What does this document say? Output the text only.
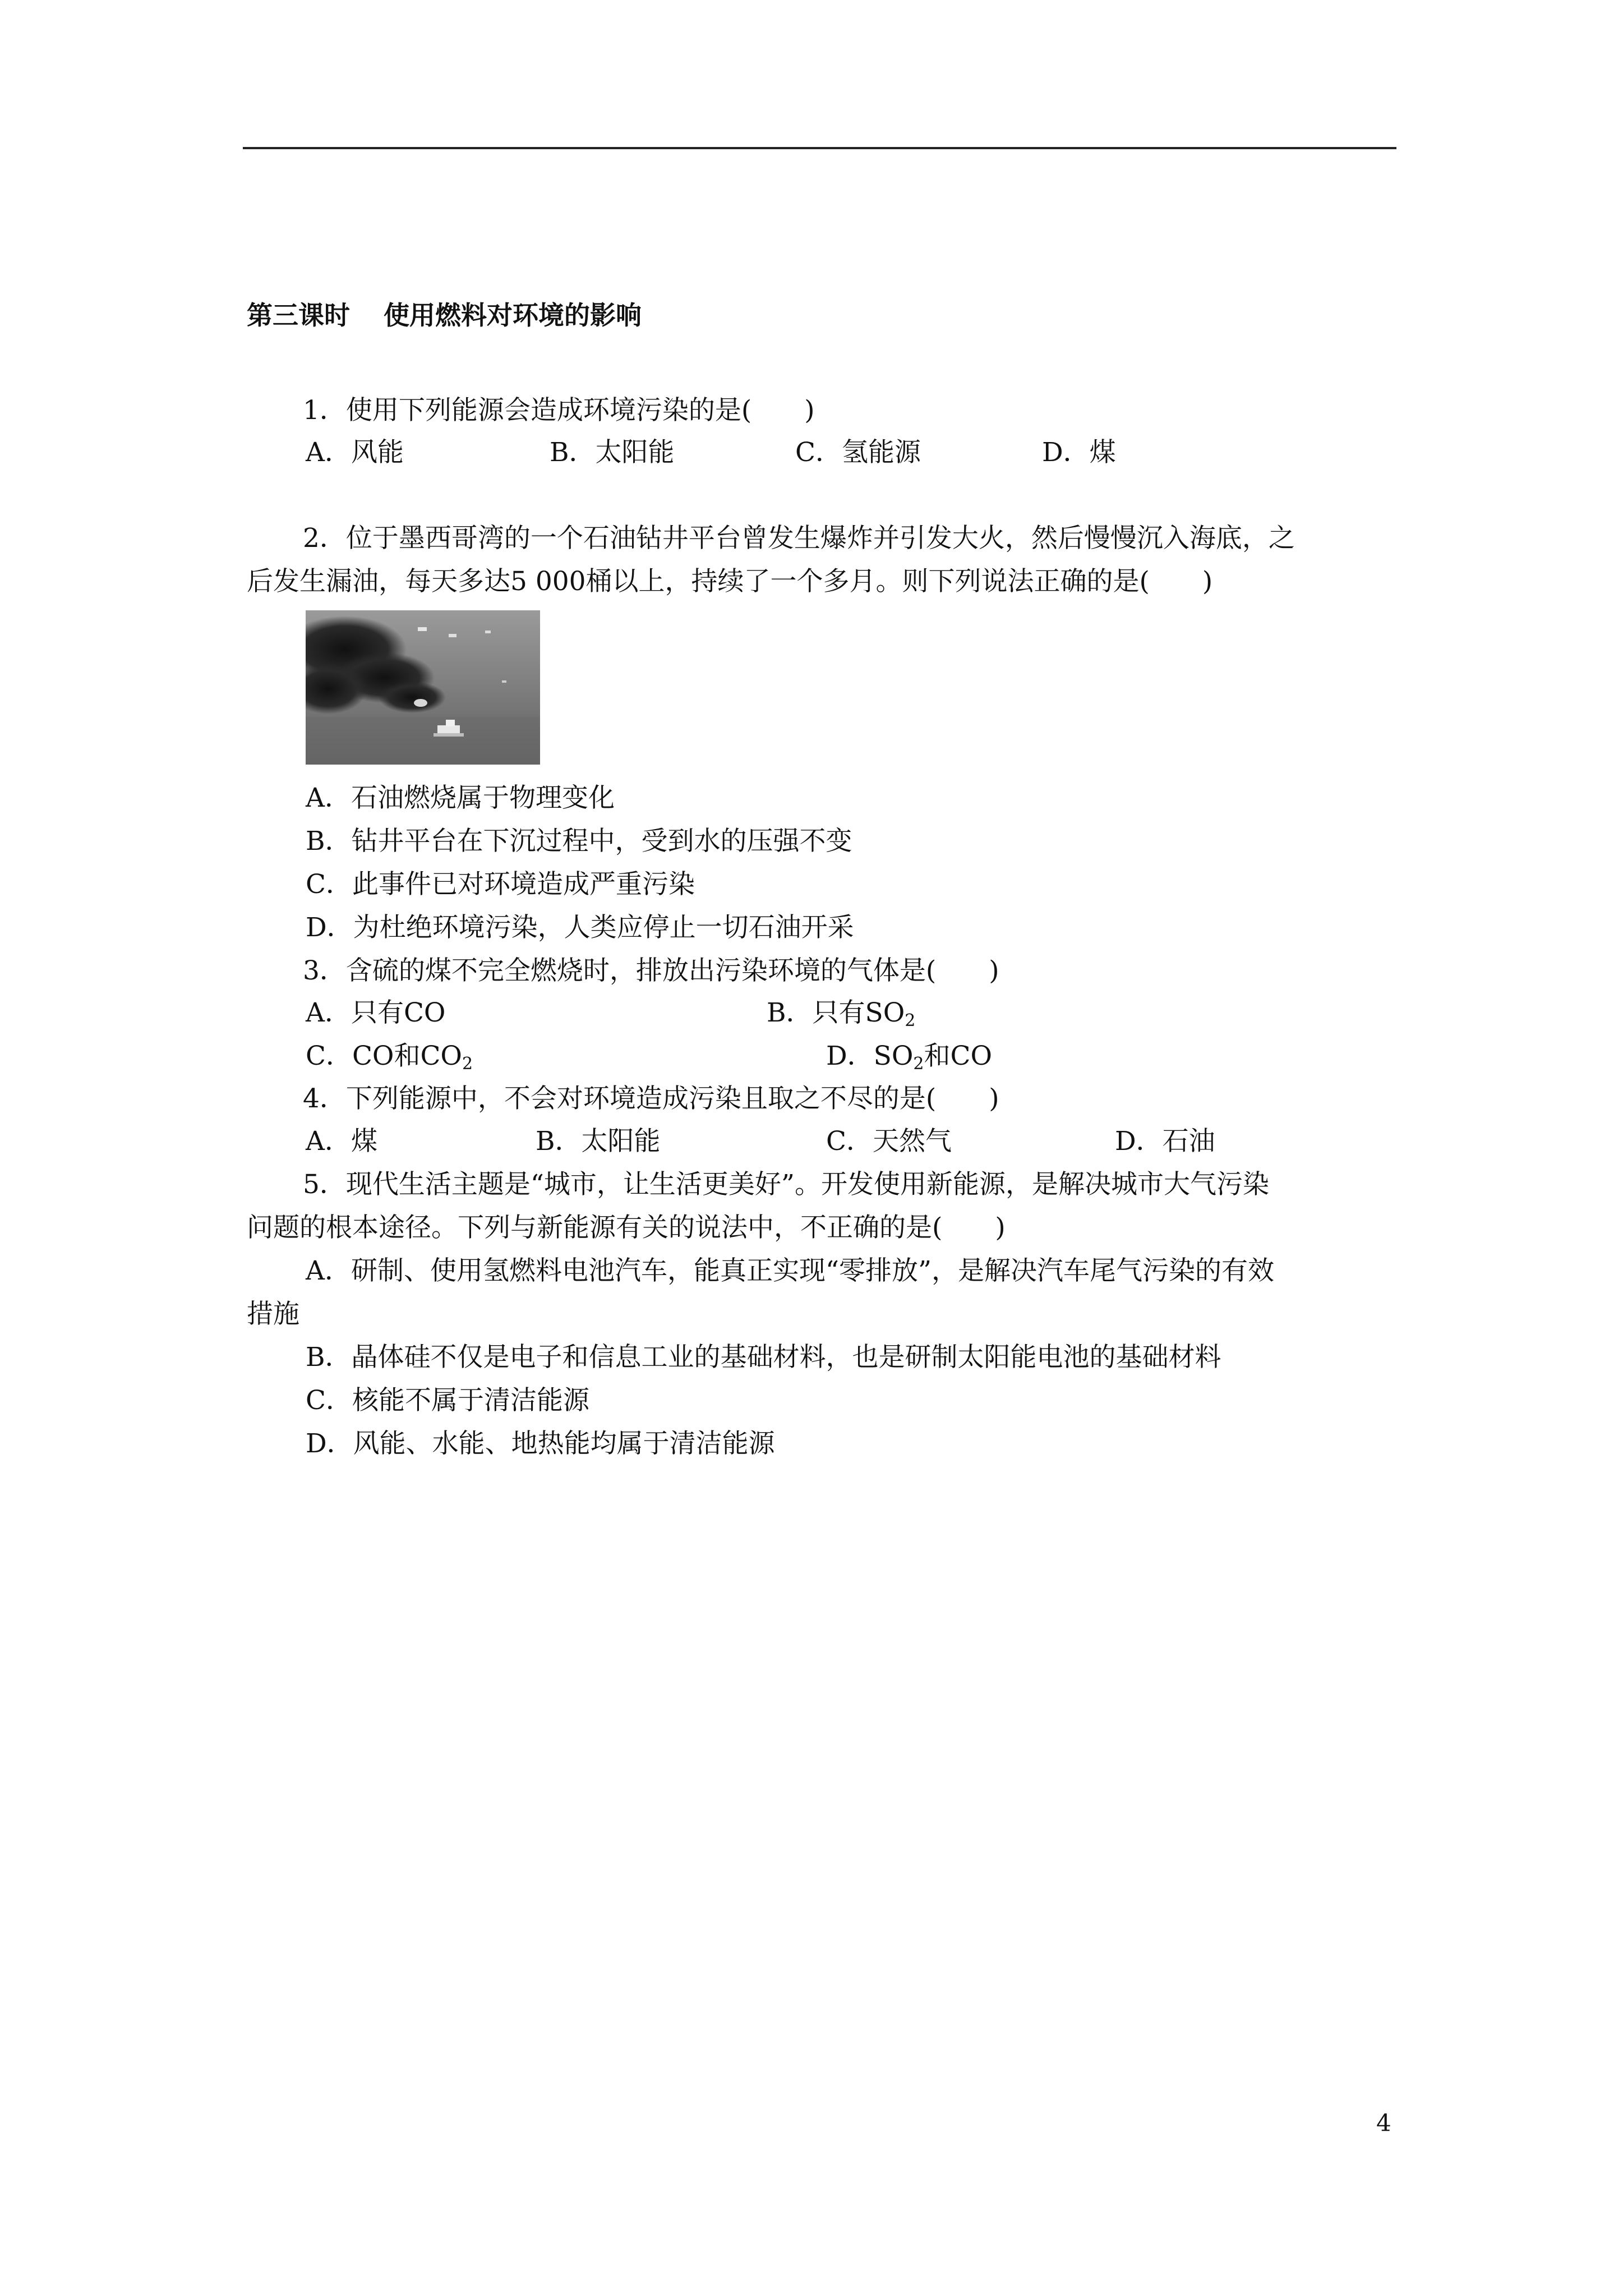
第三课时 使用燃料对环境的影响
1．使用下列能源会造成环境污染的是(　　)
A．风能	B．太阳能	C．氢能源	D．煤
2．位于墨西哥湾的一个石油钻井平台曾发生爆炸并引发大火，然后慢慢沉入海底，之
后发生漏油，每天多达5 000桶以上，持续了一个多月。则下列说法正确的是(　　)
A．石油燃烧属于物理变化
B．钻井平台在下沉过程中，受到水的压强不变
C．此事件已对环境造成严重污染
D．为杜绝环境污染，人类应停止一切石油开采
3．含硫的煤不完全燃烧时，排放出污染环境的气体是(　　)
A．只有CO	B．只有$SO_2$
C．CO和$CO_2$	D．$SO_2$和CO
4．下列能源中，不会对环境造成污染且取之不尽的是(　　)
A．煤	B．太阳能	C．天然气	D．石油
5．现代生活主题是“城市，让生活更美好”。开发使用新能源，是解决城市大气污染
问题的根本途径。下列与新能源有关的说法中，不正确的是(　　)
A．研制、使用氢燃料电池汽车，能真正实现“零排放”，是解决汽车尾气污染的有效
措施
B．晶体硅不仅是电子和信息工业的基础材料，也是研制太阳能电池的基础材料
C．核能不属于清洁能源
D．风能、水能、地热能均属于清洁能源
4
